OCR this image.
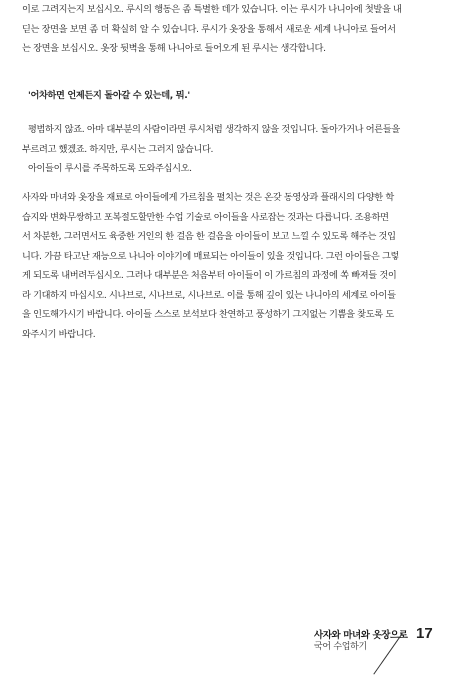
이로 그려지는지 보십시오. 루시의 행동은 좀 특별한 데가 있습니다. 이는 루시가 나니아에 첫발을 내
딛는 장면을 보면 좀 더 확실히 알 수 있습니다. 루시가 옷장을 통해서 새로운 세계 나니아로 들어서
는 장면을 보십시오. 옷장 뒷벽을 통해 나니아로 들어오게 된 루시는 생각합니다.
'어차하면 언제든지 돌아갈 수 있는데, 뭐.'
평범하지 않죠. 아마 대부분의 사람이라면 루시처럼 생각하지 않을 것입니다. 돌아가거나 어른들을
부르려고 했겠죠. 하지만, 루시는 그러지 않습니다.
아이들이 루시를 주목하도록 도와주십시오.
사자와 마녀와 옷장을 재료로 아이들에게 가르침을 펼치는 것은 온갖 동영상과 플래시의 다양한 학
습지와 변화무쌍하고 포복절도할만한 수업 기술로 아이들을 사로잡는 것과는 다릅니다. 조용하면
서 차분한, 그러면서도 육중한 거인의 한 걸음 한 걸음을 아이들이 보고 느낄 수 있도록 해주는 것입
니다. 가끔 타고난 재능으로 나니아 이야기에 매료되는 아이들이 있을 것입니다. 그런 아이들은 그렇
게 되도록 내버려두십시오. 그러나 대부분은 처음부터 아이들이 이 가르침의 과정에 쏙 빠져들 것이
라 기대하지 마십시오. 시나브로, 시나브로, 시나브로. 이를 통해 깊이 있는 나니아의 세계로 아이들
을 인도해가시기 바랍니다. 아이들 스스로 보석보다 찬연하고 풍성하기 그지없는 기쁨을 찾도록 도
와주시기 바랍니다.
사자와 마녀와 옷장으로
국어 수업하기
17
